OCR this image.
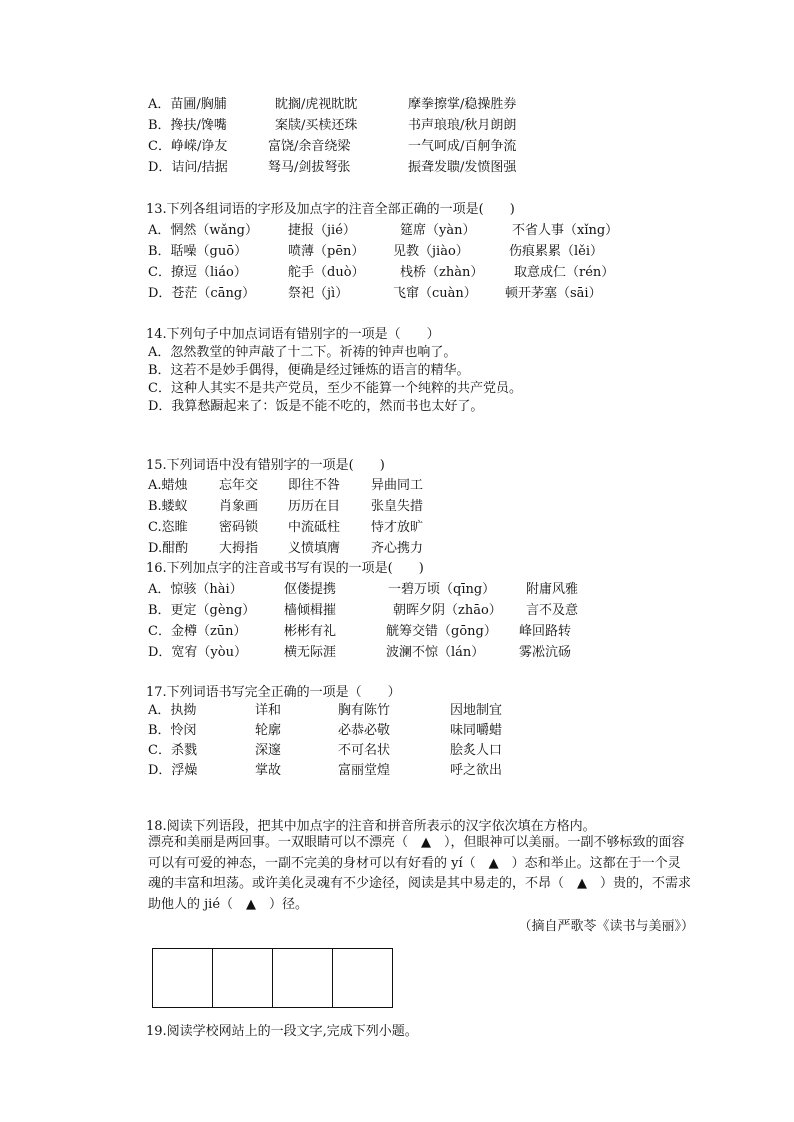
A．苗圃/胸脯	眈搁/虎视眈眈	摩拳擦掌/稳操胜券
B．搀扶/馋嘴	案牍/买椟还珠	书声琅琅/秋月朗朗
C．峥嵘/诤友	富饶/余音绕梁	一气呵成/百舸争流
D．诘问/拮据	驽马/剑拔弩张	振聋发聩/发愤图强
13.下列各组词语的字形及加点字的注音全部正确的一项是(　　)
A．惘然（wǎng） 捷报（jié）	筵席（yàn）	不省人事（xǐng）
B．聒噪（guō）	喷薄（pēn） 见教（jiào）	伤痕累累（lěi）
C．撩逗（liáo）	舵手（duò）	栈桥（zhàn） 取意成仁（rén）
D．苍茫（cāng）	祭祀（jì）	飞窜（cuàn） 顿开茅塞（sāi）
14.下列句子中加点词语有错别字的一项是（　　）
A．忽然教堂的钟声敲了十二下。祈祷的钟声也响了。
B．这若不是妙手偶得，便确是经过锤炼的语言的精华。
C．这种人其实不是共产党员，至少不能算一个纯粹的共产党员。
D．我算愁蹰起来了：饭是不能不吃的，然而书也太好了。
15.下列词语中没有错别字的一项是(　　)
A.蜡烛 忘年交 即往不咎 异曲同工
B.蝼蚁 肖象画 历历在目 张皇失措
C.恣睢 密码锁 中流砥柱 恃才放旷
D.酣酌 大拇指 义愤填膺 齐心携力
16.下列加点字的注音或书写有误的一项是(　　)
A．惊骇（hài）	伛偻提携	一碧万顷（qīng） 附庸风雅
B．更定（gèng） 樯倾楫摧	朝晖夕阴（zhāo） 言不及意
C．金樽（zūn）	彬彬有礼	觥筹交错（gōng） 峰回路转
D．宽宥（yòu）	横无际涯	波澜不惊（lán）	雾凇沆砀
17.下列词语书写完全正确的一项是（　　）
A．执拗	详和	胸有陈竹	因地制宜
B．怜闵	轮廓	必恭必敬	味同嚼蜡
C．杀戮	深邃	不可名状	脍炙人口
D．浮燥	掌故	富丽堂煌	呼之欲出
18.阅读下列语段，把其中加点字的注音和拼音所表示的汉字依次填在方格内。
漂亮和美丽是两回事。一双眼睛可以不漂亮（　▲　），但眼神可以美丽。一副不够标致的面容可以有可爱的神态，一副不完美的身材可以有好看的 yí（　▲　）态和举止。这都在于一个灵魂的丰富和坦荡。或许美化灵魂有不少途径，阅读是其中易走的，不昂（　▲　）贵的，不需求助他人的 jié（　▲　）径。
（摘自严歌苓《读书与美丽》）
19.阅读学校网站上的一段文字,完成下列小题。
